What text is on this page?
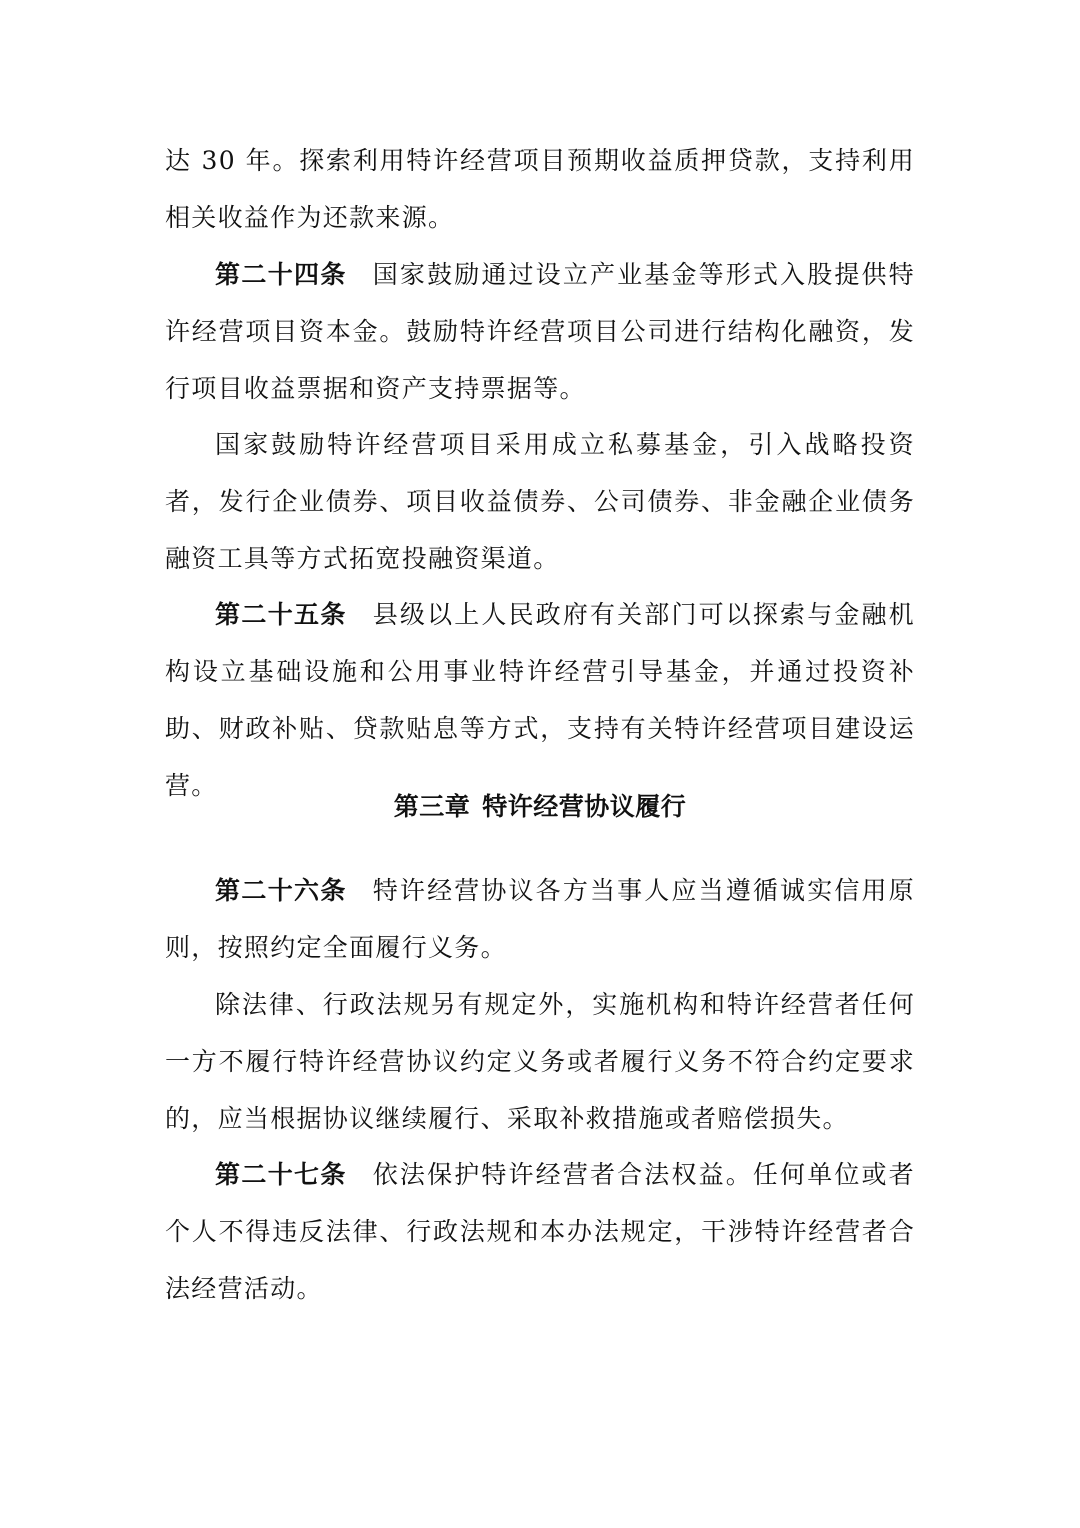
达 30 年。探索利用特许经营项目预期收益质押贷款，支持利用相关收益作为还款来源。

第二十四条 国家鼓励通过设立产业基金等形式入股提供特许经营项目资本金。鼓励特许经营项目公司进行结构化融资，发行项目收益票据和资产支持票据等。

国家鼓励特许经营项目采用成立私募基金，引入战略投资者，发行企业债券、项目收益债券、公司债券、非金融企业债务融资工具等方式拓宽投融资渠道。

第二十五条 县级以上人民政府有关部门可以探索与金融机构设立基础设施和公用事业特许经营引导基金，并通过投资补助、财政补贴、贷款贴息等方式，支持有关特许经营项目建设运营。

第三章 特许经营协议履行

第二十六条 特许经营协议各方当事人应当遵循诚实信用原则，按照约定全面履行义务。

除法律、行政法规另有规定外，实施机构和特许经营者任何一方不履行特许经营协议约定义务或者履行义务不符合约定要求的，应当根据协议继续履行、采取补救措施或者赔偿损失。

第二十七条 依法保护特许经营者合法权益。任何单位或者个人不得违反法律、行政法规和本办法规定，干涉特许经营者合法经营活动。
